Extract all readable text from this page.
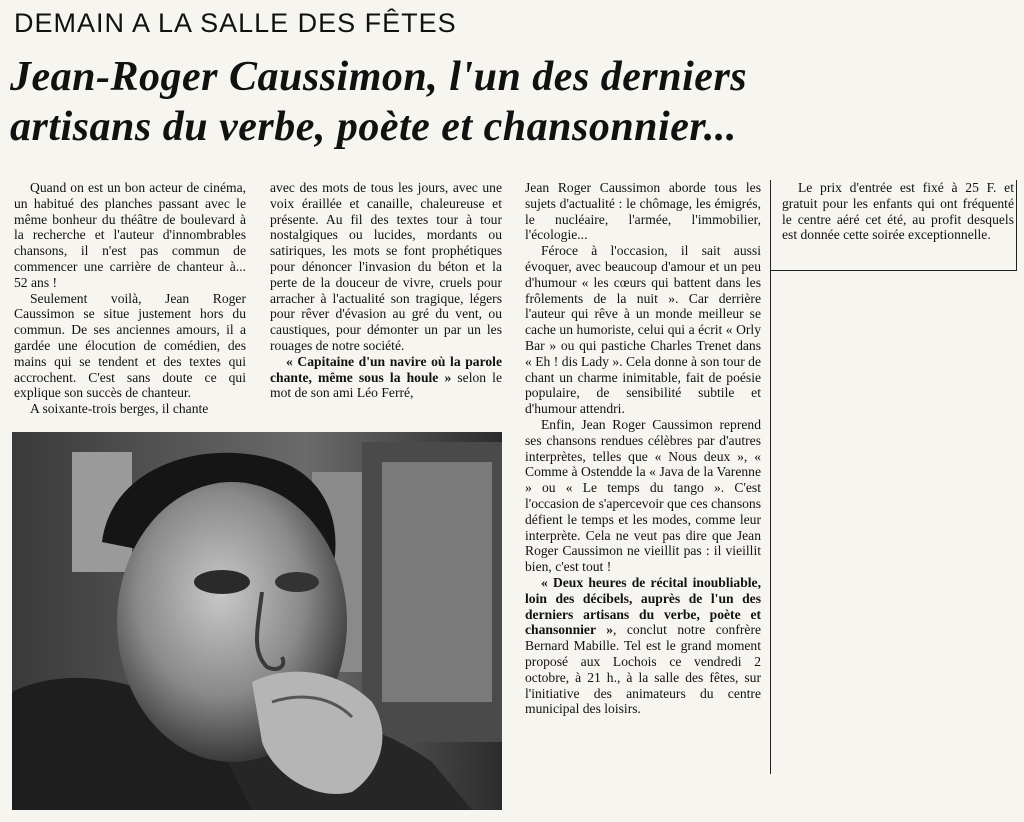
DEMAIN A LA SALLE DES FÊTES
Jean-Roger Caussimon, l'un des derniers
artisans du verbe, poète et chansonnier...

Quand on est un bon acteur de cinéma, un habitué des planches passant avec le même bonheur du théâtre de boulevard à la recherche et l'auteur d'innombrables chansons, il n'est pas commun de commencer une carrière de chanteur à... 52 ans !

Seulement voilà, Jean Roger Caussimon se situe justement hors du commun. De ses anciennes amours, il a gardée une élocution de comédien, des mains qui se tendent et des textes qui accrochent. C'est sans doute ce qui explique son succès de chanteur.

A soixante-trois berges, il chante

avec des mots de tous les jours, avec une voix éraillée et canaille, chaleureuse et présente. Au fil des textes tour à tour nostalgiques ou lucides, mordants ou satiriques, les mots se font prophétiques pour dénoncer l'invasion du béton et la perte de la douceur de vivre, cruels pour arracher à l'actualité son tragique, légers pour rêver d'évasion au gré du vent, ou caustiques, pour démonter un par un les rouages de notre société.

« Capitaine d'un navire où la parole chante, même sous la houle » selon le mot de son ami Léo Ferré,

Jean Roger Caussimon aborde tous les sujets d'actualité : le chômage, les émigrés, le nucléaire, l'armée, l'immobilier, l'écologie...

Féroce à l'occasion, il sait aussi évoquer, avec beaucoup d'amour et un peu d'humour « les cœurs qui battent dans les frôlements de la nuit ». Car derrière l'auteur qui rêve à un monde meilleur se cache un humoriste, celui qui a écrit « Orly Bar » ou qui pastiche Charles Trenet dans « Eh ! dis Lady ». Cela donne à son tour de chant un charme inimitable, fait de poésie populaire, de sensibilité subtile et d'humour attendri.

Enfin, Jean Roger Caussimon reprend ses chansons rendues célèbres par d'autres interprètes, telles que « Nous deux », « Comme à Ostendde la « Java de la Varenne » ou « Le temps du tango ». C'est l'occasion de s'apercevoir que ces chansons défient le temps et les modes, comme leur interprète. Cela ne veut pas dire que Jean Roger Caussimon ne vieillit pas : il vieillit bien, c'est tout !

« Deux heures de récital inoubliable, loin des décibels, auprès de l'un des derniers artisans du verbe, poète et chansonnier », conclut notre confrère Bernard Mabille. Tel est le grand moment proposé aux Lochois ce vendredi 2 octobre, à 21 h., à la salle des fêtes, sur l'initiative des animateurs du centre municipal des loisirs.

Le prix d'entrée est fixé à 25 F. et gratuit pour les enfants qui ont fréquenté le centre aéré cet été, au profit desquels est donnée cette soirée exceptionnelle.
